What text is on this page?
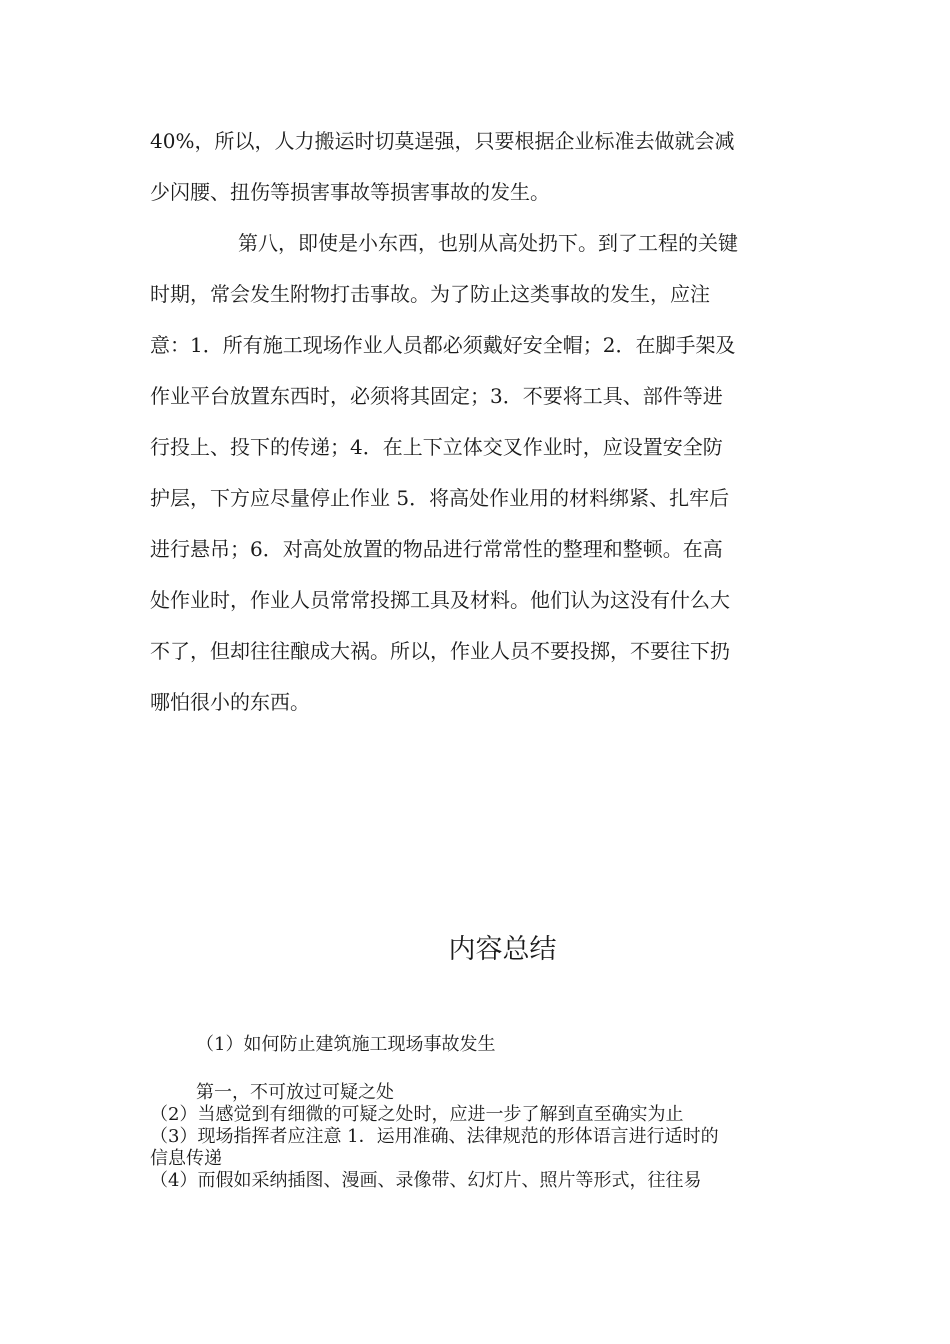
40%，所以，人力搬运时切莫逞强，只要根据企业标准去做就会减
少闪腰、扭伤等损害事故等损害事故的发生。

第八，即使是小东西，也别从高处扔下。到了工程的关键
时期，常会发生附物打击事故。为了防止这类事故的发生，应注
意：1．所有施工现场作业人员都必须戴好安全帽；2．在脚手架及
作业平台放置东西时，必须将其固定；3．不要将工具、部件等进
行投上、投下的传递；4．在上下立体交叉作业时，应设置安全防
护层，下方应尽量停止作业 5．将高处作业用的材料绑紧、扎牢后
进行悬吊；6．对高处放置的物品进行常常性的整理和整顿。在高
处作业时，作业人员常常投掷工具及材料。他们认为这没有什么大
不了，但却往往酿成大祸。所以，作业人员不要投掷，不要往下扔
哪怕很小的东西。

内容总结
（1）如何防止建筑施工现场事故发生
第一，不可放过可疑之处
（2）当感觉到有细微的可疑之处时，应进一步了解到直至确实为止
（3）现场指挥者应注意 1．运用准确、法律规范的形体语言进行适时的
信息传递
（4）而假如采纳插图、漫画、录像带、幻灯片、照片等形式，往往易
